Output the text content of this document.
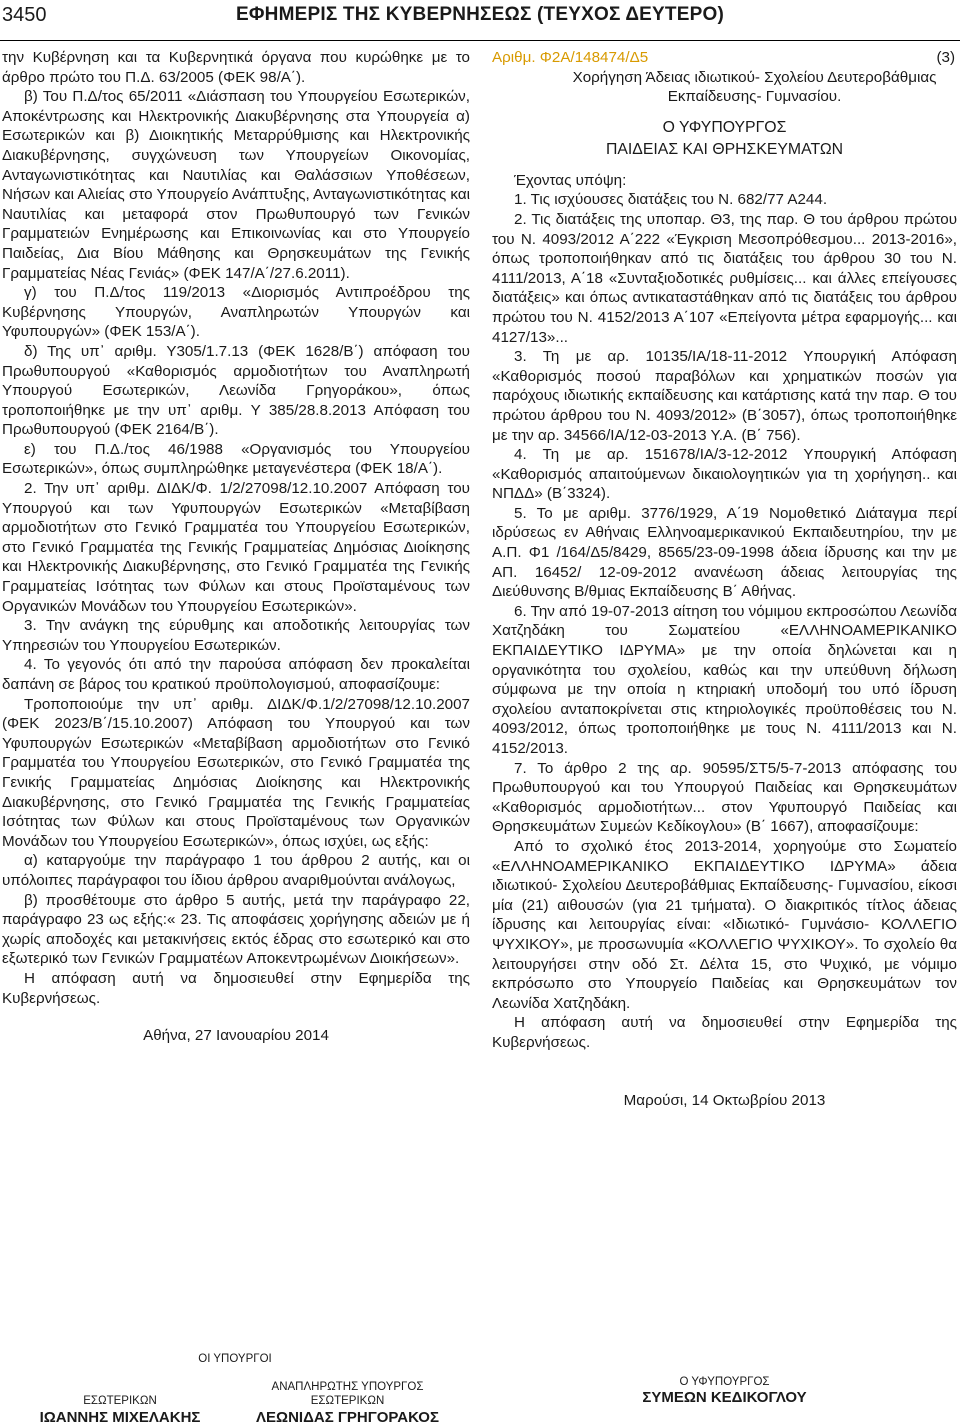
3450	ΕΦΗΜΕΡΙΣ ΤΗΣ ΚΥΒΕΡΝΗΣΕΩΣ (ΤΕΥΧΟΣ ΔΕΥΤΕΡΟ)

την Κυβέρνηση και τα Κυβερνητικά όργανα που κυρώθηκε με το άρθρο πρώτο του Π.Δ. 63/2005 (ΦΕΚ 98/Α΄).

β) Του Π.Δ/τος 65/2011 «Διάσπαση του Υπουργείου Εσωτερικών, Αποκέντρωσης και Ηλεκτρονικής Διακυβέρνησης στα Υπουργεία α) Εσωτερικών και β) Διοικητικής Μεταρρύθμισης και Ηλεκτρονικής Διακυβέρνησης, συγχώνευση των Υπουργείων Οικονομίας, Ανταγωνιστικότητας και Ναυτιλίας και Θαλάσσιων Υποθέσεων, Νήσων και Αλιείας στο Υπουργείο Ανάπτυξης, Ανταγωνιστικότητας και Ναυτιλίας και μεταφορά στον Πρωθυπουργό των Γενικών Γραμματειών Ενημέρωσης και Επικοινωνίας και στο Υπουργείο Παιδείας, Δια Βίου Μάθησης και Θρησκευμάτων της Γενικής Γραμματείας Νέας Γενιάς» (ΦΕΚ 147/Α΄/27.6.2011).

γ) του Π.Δ/τος 119/2013 «Διορισμός Αντιπροέδρου της Κυβέρνησης Υπουργών, Αναπληρωτών Υπουργών και Υφυπουργών» (ΦΕΚ 153/Α΄).

δ) Της υπ᾽ αριθμ. Υ305/1.7.13 (ΦΕΚ 1628/Β΄) απόφαση του Πρωθυπουργού «Καθορισμός αρμοδιοτήτων του Αναπληρωτή Υπουργού Εσωτερικών, Λεωνίδα Γρηγοράκου», όπως τροποποιήθηκε με την υπ᾽ αριθμ. Υ 385/28.8.2013 Απόφαση του Πρωθυπουργού (ΦΕΚ 2164/Β΄).

ε) του Π.Δ./τος 46/1988 «Οργανισμός του Υπουργείου Εσωτερικών», όπως συμπληρώθηκε μεταγενέστερα (ΦΕΚ 18/Α΄).

2. Την υπ᾽ αριθμ. ΔΙΔΚ/Φ. 1/2/27098/12.10.2007 Απόφαση του Υπουργού και των Υφυπουργών Εσωτερικών «Μεταβίβαση αρμοδιοτήτων στο Γενικό Γραμματέα του Υπουργείου Εσωτερικών, στο Γενικό Γραμματέα της Γενικής Γραμματείας Δημόσιας Διοίκησης και Ηλεκτρονικής Διακυβέρνησης, στο Γενικό Γραμματέα της Γενικής Γραμματείας Ισότητας των Φύλων και στους Προϊσταμένους των Οργανικών Μονάδων του Υπουργείου Εσωτερικών».

3. Την ανάγκη της εύρυθμης και αποδοτικής λειτουργίας των Υπηρεσιών του Υπουργείου Εσωτερικών.

4. Το γεγονός ότι από την παρούσα απόφαση δεν προκαλείται δαπάνη σε βάρος του κρατικού προϋπολογισμού, αποφασίζουμε:

Τροποποιούμε την υπ᾽ αριθμ. ΔΙΔΚ/Φ.1/2/27098/12.10.2007 (ΦΕΚ 2023/Β΄/15.10.2007) Απόφαση του Υπουργού και των Υφυπουργών Εσωτερικών «Μεταβίβαση αρμοδιοτήτων στο Γενικό Γραμματέα του Υπουργείου Εσωτερικών, στο Γενικό Γραμματέα της Γενικής Γραμματείας Δημόσιας Διοίκησης και Ηλεκτρονικής Διακυβέρνησης, στο Γενικό Γραμματέα της Γενικής Γραμματείας Ισότητας των Φύλων και στους Προϊσταμένους των Οργανικών Μονάδων του Υπουργείου Εσωτερικών», όπως ισχύει, ως εξής:

α) καταργούμε την παράγραφο 1 του άρθρου 2 αυτής, και οι υπόλοιπες παράγραφοι του ίδιου άρθρου αναριθμούνται ανάλογως,

β) προσθέτουμε στο άρθρο 5 αυτής, μετά την παράγραφο 22, παράγραφο 23 ως εξής:« 23. Τις αποφάσεις χορήγησης αδειών με ή χωρίς αποδοχές και μετακινήσεις εκτός έδρας στο εσωτερικό και στο εξωτερικό των Γενικών Γραμματέων Αποκεντρωμένων Διοικήσεων».

Η απόφαση αυτή να δημοσιευθεί στην Εφημερίδα της Κυβερνήσεως.

Αθήνα, 27 Ιανουαρίου 2014

ΟΙ ΥΠΟΥΡΓΟΙ
ΕΣΩΤΕΡΙΚΩΝ
ΙΩΑΝΝΗΣ ΜΙΧΕΛΑΚΗΣ
ΑΝΑΠΛΗΡΩΤΗΣ ΥΠΟΥΡΓΟΣ
ΕΣΩΤΕΡΙΚΩΝ
ΛΕΩΝΙΔΑΣ ΓΡΗΓΟΡΑΚΟΣ

Αριθμ. Φ2Α/148474/Δ5	(3)

Χορήγηση Άδειας ιδιωτικού- Σχολείου Δευτεροβάθμιας Εκπαίδευσης- Γυμνασίου.

Ο ΥΦΥΠΟΥΡΓΟΣ

ΠΑΙΔΕΙΑΣ ΚΑΙ ΘΡΗΣΚΕΥΜΑΤΩΝ

Έχοντας υπόψη:

1. Τις ισχύουσες διατάξεις του Ν. 682/77 Α244.

2. Τις διατάξεις της υποπαρ. Θ3, της παρ. Θ του άρθρου πρώτου του Ν. 4093/2012 Α΄222 «Έγκριση Μεσοπρόθεσμου... 2013-2016», όπως τροποποιήθηκαν από τις διατάξεις του άρθρου 30 του Ν. 4111/2013, Α΄18 «Συνταξιοδοτικές ρυθμίσεις... και άλλες επείγουσες διατάξεις» και όπως αντικαταστάθηκαν από τις διατάξεις του άρθρου πρώτου του Ν. 4152/2013 Α΄107 «Επείγοντα μέτρα εφαρμογής... και 4127/13»...

3. Τη με αρ. 10135/ΙΑ/18-11-2012 Υπουργική Απόφαση «Καθορισμός ποσού παραβόλων και χρηματικών ποσών για παρόχους ιδιωτικής εκπαίδευσης και κατάρτισης κατά την παρ. Θ του πρώτου άρθρου του Ν. 4093/2012» (Β΄3057), όπως τροποποιήθηκε με την αρ. 34566/ΙΑ/12-03-2013 Υ.Α. (Β΄ 756).

4. Τη με αρ. 151678/ΙΑ/3-12-2012 Υπουργική Απόφαση «Καθορισμός απαιτούμενων δικαιολογητικών για τη χορήγηση.. και ΝΠΔΔ» (Β΄3324).

5. Το με αριθμ. 3776/1929, Α΄19 Νομοθετικό Διάταγμα περί ιδρύσεως εν Αθήναις Ελληνοαμερικανικού Εκπαιδευτηρίου, την με Α.Π. Φ1 /164/Δ5/8429, 8565/23-09-1998 άδεια ίδρυσης και την με ΑΠ. 16452/ 12-09-2012 ανανέωση άδειας λειτουργίας της Διεύθυνσης Β/θμιας Εκπαίδευσης Β΄ Αθήνας.

6. Την από 19-07-2013 αίτηση του νόμιμου εκπροσώπου Λεωνίδα Χατζηδάκη του Σωματείου «ΕΛΛΗΝΟΑΜΕΡΙΚΑΝΙΚΟ ΕΚΠΑΙΔΕΥΤΙΚΟ ΙΔΡΥΜΑ» με την οποία δηλώνεται και η οργανικότητα του σχολείου, καθώς και την υπεύθυνη δήλωση σύμφωνα με την οποία η κτηριακή υποδομή του υπό ίδρυση σχολείου ανταποκρίνεται στις κτηριολογικές προϋποθέσεις του Ν. 4093/2012, όπως τροποποιήθηκε με τους Ν. 4111/2013 και Ν. 4152/2013.

7. Το άρθρο 2 της αρ. 90595/ΣΤ5/5-7-2013 απόφασης του Πρωθυπουργού και του Υπουργού Παιδείας και Θρησκευμάτων «Καθορισμός αρμοδιοτήτων... στον Υφυπουργό Παιδείας και Θρησκευμάτων Συμεών Κεδίκογλου» (Β΄ 1667), αποφασίζουμε:

Από το σχολικό έτος 2013-2014, χορηγούμε στο Σωματείο «ΕΛΛΗΝΟΑΜΕΡΙΚΑΝΙΚΟ ΕΚΠΑΙΔΕΥΤΙΚΟ ΙΔΡΥΜΑ» άδεια ιδιωτικού- Σχολείου Δευτεροβάθμιας Εκπαίδευσης- Γυμνασίου, είκοσι μία (21) αιθουσών (για 21 τμήματα). Ο διακριτικός τίτλος άδειας ίδρυσης και λειτουργίας είναι: «Ιδιωτικό- Γυμνάσιο- ΚΟΛΛΕΓΙΟ ΨΥΧΙΚΟΥ», με προσωνυμία «ΚΟΛΛΕΓΙΟ ΨΥΧΙΚΟΥ». Το σχολείο θα λειτουργήσει στην οδό Στ. Δέλτα 15, στο Ψυχικό, με νόμιμο εκπρόσωπο στο Υπουργείο Παιδείας και Θρησκευμάτων τον Λεωνίδα Χατζηδάκη.

Η απόφαση αυτή να δημοσιευθεί στην Εφημερίδα της Κυβερνήσεως.

Μαρούσι, 14 Οκτωβρίου 2013

Ο ΥΦΥΠΟΥΡΓΟΣ
ΣΥΜΕΩΝ ΚΕΔΙΚΟΓΛΟΥ
